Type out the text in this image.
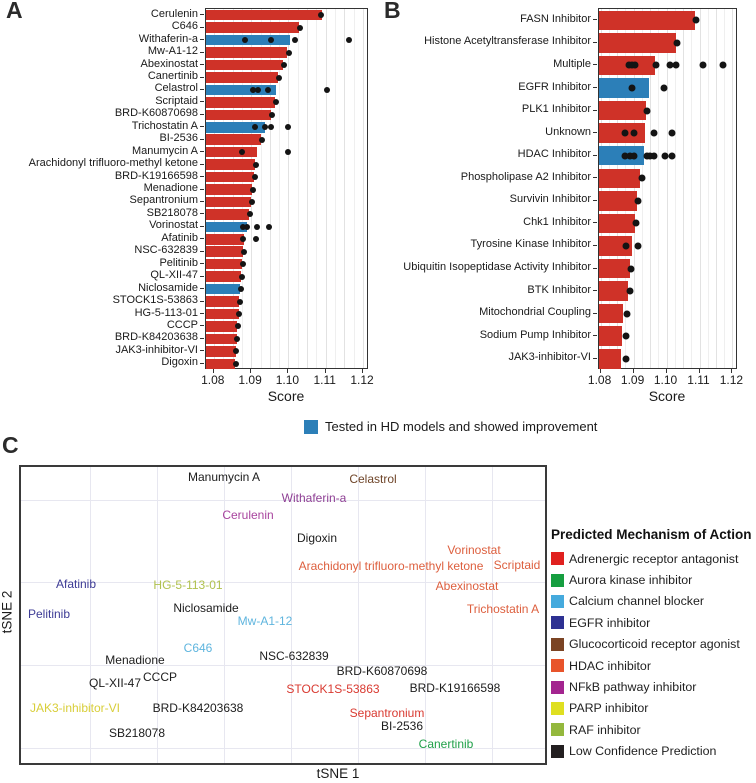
A	B
C
Cerulenin
C646
Withaferin-a
Mw-A1-12
Abexinostat
Canertinib
Celastrol
Scriptaid
BRD-K60870698
Trichostatin A
BI-2536
Manumycin A
Arachidonyl trifluoro-methyl ketone
BRD-K19166598
Menadione
Sepantronium
SB218078
Vorinostat
Afatinib
NSC-632839
Pelitinib
QL-XII-47
Niclosamide
STOCK1S-53863
HG-5-113-01
CCCP
BRD-K84203638
JAK3-inhibitor-VI
Digoxin
1.08 1.09 1.10 1.11 1.12
Score
FASN Inhibitor
Histone Acetyltransferase Inhibitor
Multiple
EGFR Inhibitor
PLK1 Inhibitor
Unknown
HDAC Inhibitor
Phospholipase A2 Inhibitor
Survivin Inhibitor
Chk1 Inhibitor
Tyrosine Kinase Inhibitor
Ubiquitin Isopeptidase Activity Inhibitor
BTK Inhibitor
Mitochondrial Coupling
Sodium Pump Inhibitor
JAK3-inhibitor-VI
1.08 1.09 1.10 1.11 1.12
Score
Tested in HD models and showed improvement
Manumycin A	Celastrol
Withaferin-a
Cerulenin
Digoxin
Vorinostat
Arachidonyl trifluoro-methyl ketone Scriptaid
Afatinib	HG-5-113-01	Abexinostat
Niclosamide	Trichostatin A
Pelitinib	Mw-A1-12
C646
Menadione	NSC-632839
BRD-K60870698
CCCP
QL-XII-47	STOCK1S-53863	BRD-K19166598
JAK3-inhibitor-VI	BRD-K84203638	Sepantronium
BI-2536
SB218078
Canertinib
tSNE 2
tSNE 1
Predicted Mechanism of Action
Adrenergic receptor antagonist
Aurora kinase inhibitor
Calcium channel blocker
EGFR inhibitor
Glucocorticoid receptor agonist
HDAC inhibitor
NFkB pathway inhibitor
PARP inhibitor
RAF inhibitor
Low Confidence Prediction
